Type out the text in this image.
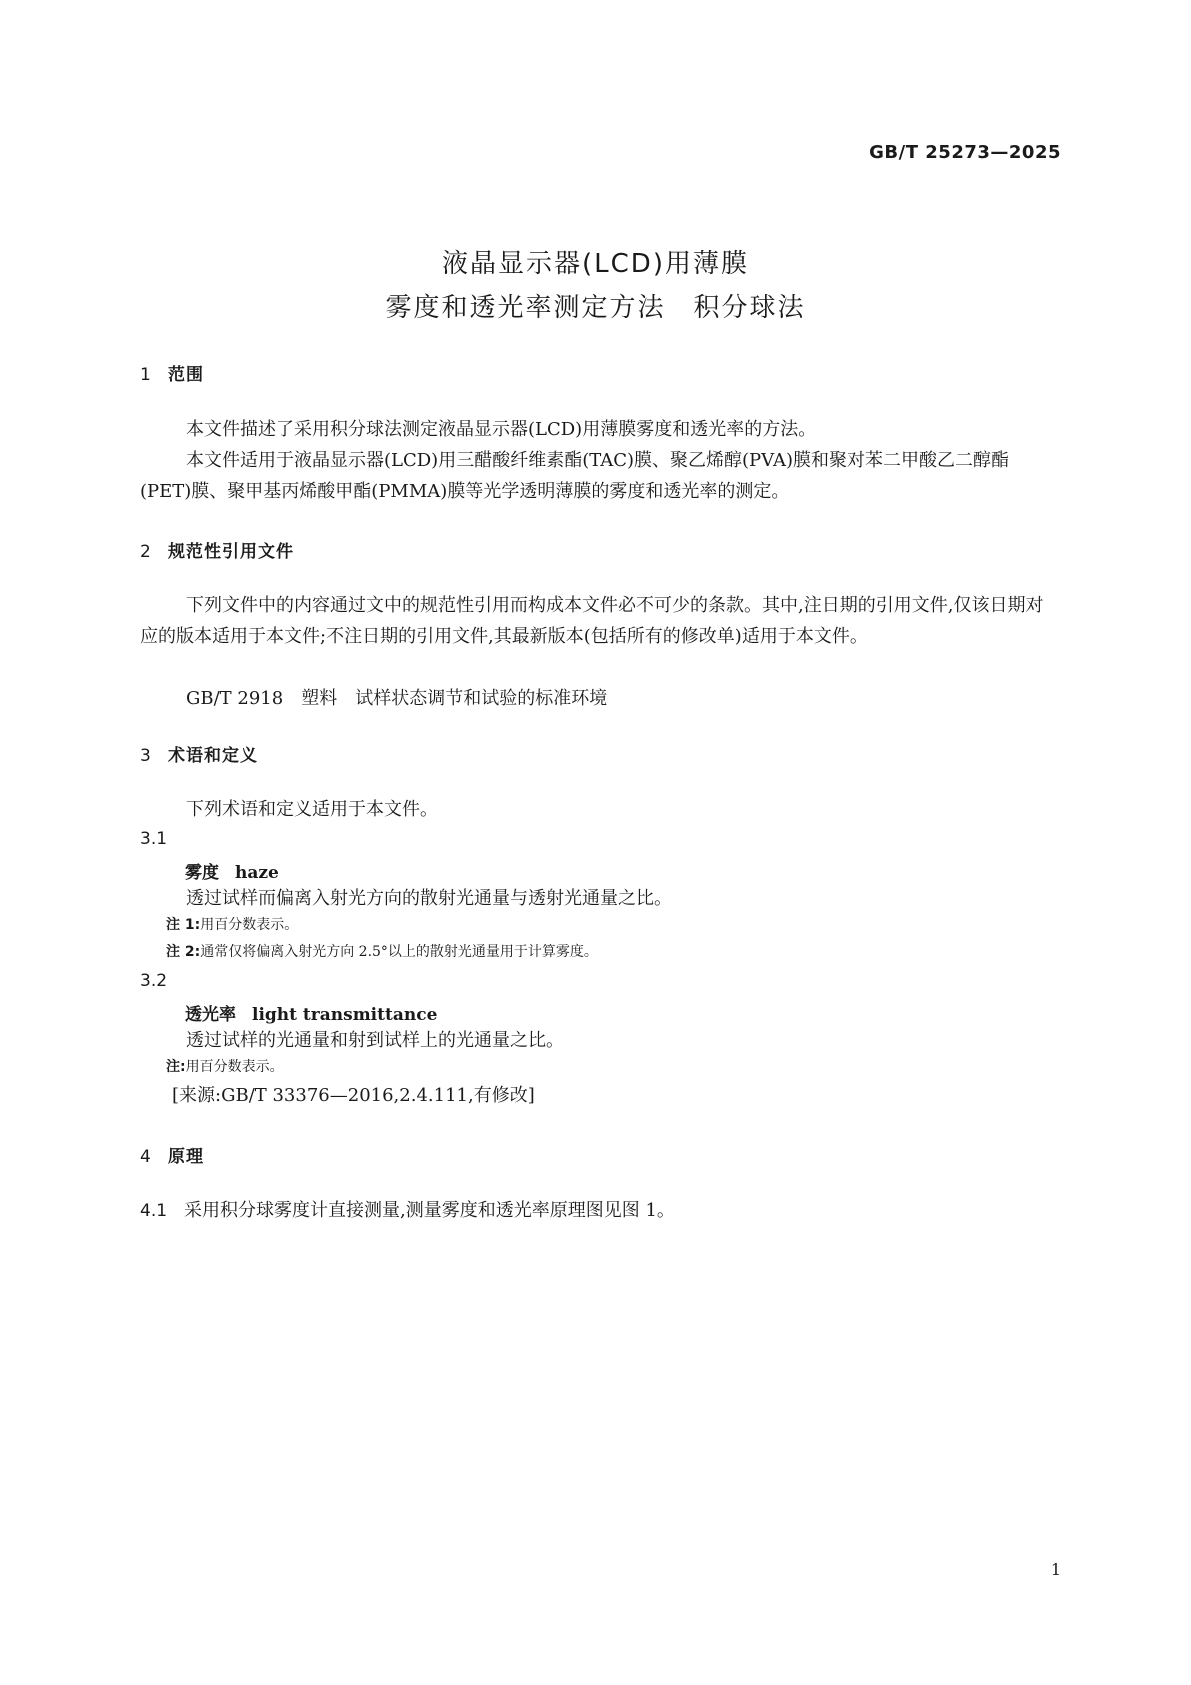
GB/T 25273—2025
液晶显示器(LCD)用薄膜
雾度和透光率测定方法　积分球法
1 范围
本文件描述了采用积分球法测定液晶显示器(LCD)用薄膜雾度和透光率的方法。
本文件适用于液晶显示器(LCD)用三醋酸纤维素酯(TAC)膜、聚乙烯醇(PVA)膜和聚对苯二甲酸乙二醇酯(PET)膜、聚甲基丙烯酸甲酯(PMMA)膜等光学透明薄膜的雾度和透光率的测定。
2 规范性引用文件
下列文件中的内容通过文中的规范性引用而构成本文件必不可少的条款。其中,注日期的引用文件,仅该日期对应的版本适用于本文件;不注日期的引用文件,其最新版本(包括所有的修改单)适用于本文件。
GB/T 2918　塑料　试样状态调节和试验的标准环境
3 术语和定义
下列术语和定义适用于本文件。
3.1
雾度 haze
透过试样而偏离入射光方向的散射光通量与透射光通量之比。
注 1:用百分数表示。
注 2:通常仅将偏离入射光方向 2.5°以上的散射光通量用于计算雾度。
3.2
透光率 light transmittance
透过试样的光通量和射到试样上的光通量之比。
注:用百分数表示。
[来源:GB/T 33376—2016,2.4.111,有修改]
4 原理
4.1 采用积分球雾度计直接测量,测量雾度和透光率原理图见图 1。
1
